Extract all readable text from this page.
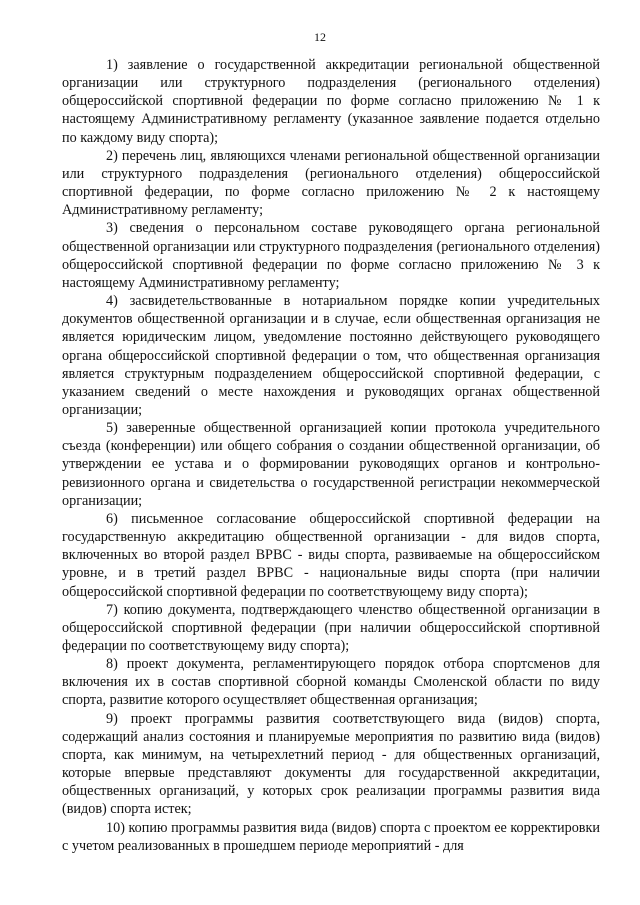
12

1) заявление о государственной аккредитации региональной общественной организации или структурного подразделения (регионального отделения) общероссийской спортивной федерации по форме согласно приложению № 1 к настоящему Административному регламенту (указанное заявление подается отдельно по каждому виду спорта);

2) перечень лиц, являющихся членами региональной общественной организации или структурного подразделения (регионального отделения) общероссийской спортивной федерации, по форме согласно приложению № 2 к настоящему Административному регламенту;

3) сведения о персональном составе руководящего органа региональной общественной организации или структурного подразделения (регионального отделения) общероссийской спортивной федерации по форме согласно приложению № 3 к настоящему Административному регламенту;

4) засвидетельствованные в нотариальном порядке копии учредительных документов общественной организации и в случае, если общественная организация не является юридическим лицом, уведомление постоянно действующего руководящего органа общероссийской спортивной федерации о том, что общественная организация является структурным подразделением общероссийской спортивной федерации, с указанием сведений о месте нахождения и руководящих органах общественной организации;

5) заверенные общественной организацией копии протокола учредительного съезда (конференции) или общего собрания о создании общественной организации, об утверждении ее устава и о формировании руководящих органов и контрольно-ревизионного органа и свидетельства о государственной регистрации некоммерческой организации;

6) письменное согласование общероссийской спортивной федерации на государственную аккредитацию общественной организации - для видов спорта, включенных во второй раздел ВРВС - виды спорта, развиваемые на общероссийском уровне, и в третий раздел ВРВС - национальные виды спорта (при наличии общероссийской спортивной федерации по соответствующему виду спорта);

7) копию документа, подтверждающего членство общественной организации в общероссийской спортивной федерации (при наличии общероссийской спортивной федерации по соответствующему виду спорта);

8) проект документа, регламентирующего порядок отбора спортсменов для включения их в состав спортивной сборной команды Смоленской области по виду спорта, развитие которого осуществляет общественная организация;

9) проект программы развития соответствующего вида (видов) спорта, содержащий анализ состояния и планируемые мероприятия по развитию вида (видов) спорта, как минимум, на четырехлетний период - для общественных организаций, которые впервые представляют документы для государственной аккредитации, общественных организаций, у которых срок реализации программы развития вида (видов) спорта истек;

10) копию программы развития вида (видов) спорта с проектом ее корректировки с учетом реализованных в прошедшем периоде мероприятий - для
